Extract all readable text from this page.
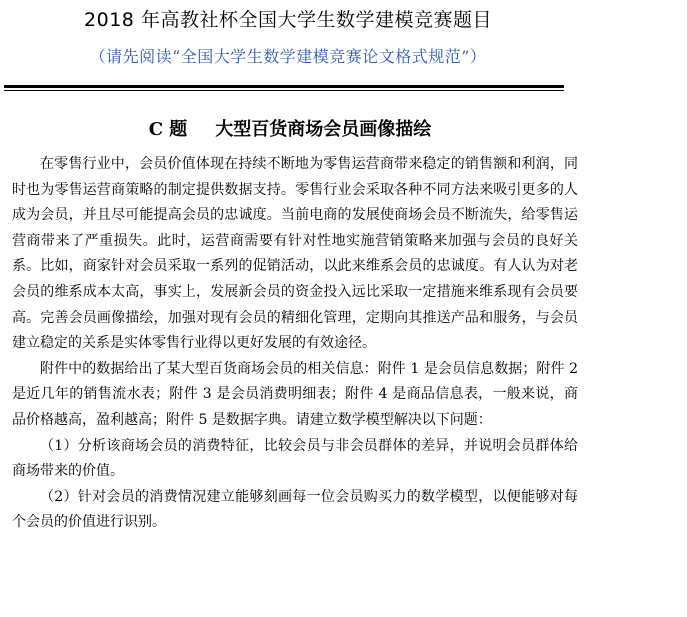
2018 年高教社杯全国大学生数学建模竞赛题目
（请先阅读“全国大学生数学建模竞赛论文格式规范”）
C 题 大型百货商场会员画像描绘

在零售行业中，会员价值体现在持续不断地为零售运营商带来稳定的销售额和利润，同时也为零售运营商策略的制定提供数据支持。零售行业会采取各种不同方法来吸引更多的人成为会员，并且尽可能提高会员的忠诚度。当前电商的发展使商场会员不断流失，给零售运营商带来了严重损失。此时，运营商需要有针对性地实施营销策略来加强与会员的良好关系。比如，商家针对会员采取一系列的促销活动，以此来维系会员的忠诚度。有人认为对老会员的维系成本太高，事实上，发展新会员的资金投入远比采取一定措施来维系现有会员要高。完善会员画像描绘，加强对现有会员的精细化管理，定期向其推送产品和服务，与会员建立稳定的关系是实体零售行业得以更好发展的有效途径。

附件中的数据给出了某大型百货商场会员的相关信息：附件 1 是会员信息数据；附件 2 是近几年的销售流水表；附件 3 是会员消费明细表；附件 4 是商品信息表，一般来说，商品价格越高，盈利越高；附件 5 是数据字典。请建立数学模型解决以下问题：

（1）分析该商场会员的消费特征，比较会员与非会员群体的差异，并说明会员群体给商场带来的价值。

（2）针对会员的消费情况建立能够刻画每一位会员购买力的数学模型，以便能够对每个会员的价值进行识别。
